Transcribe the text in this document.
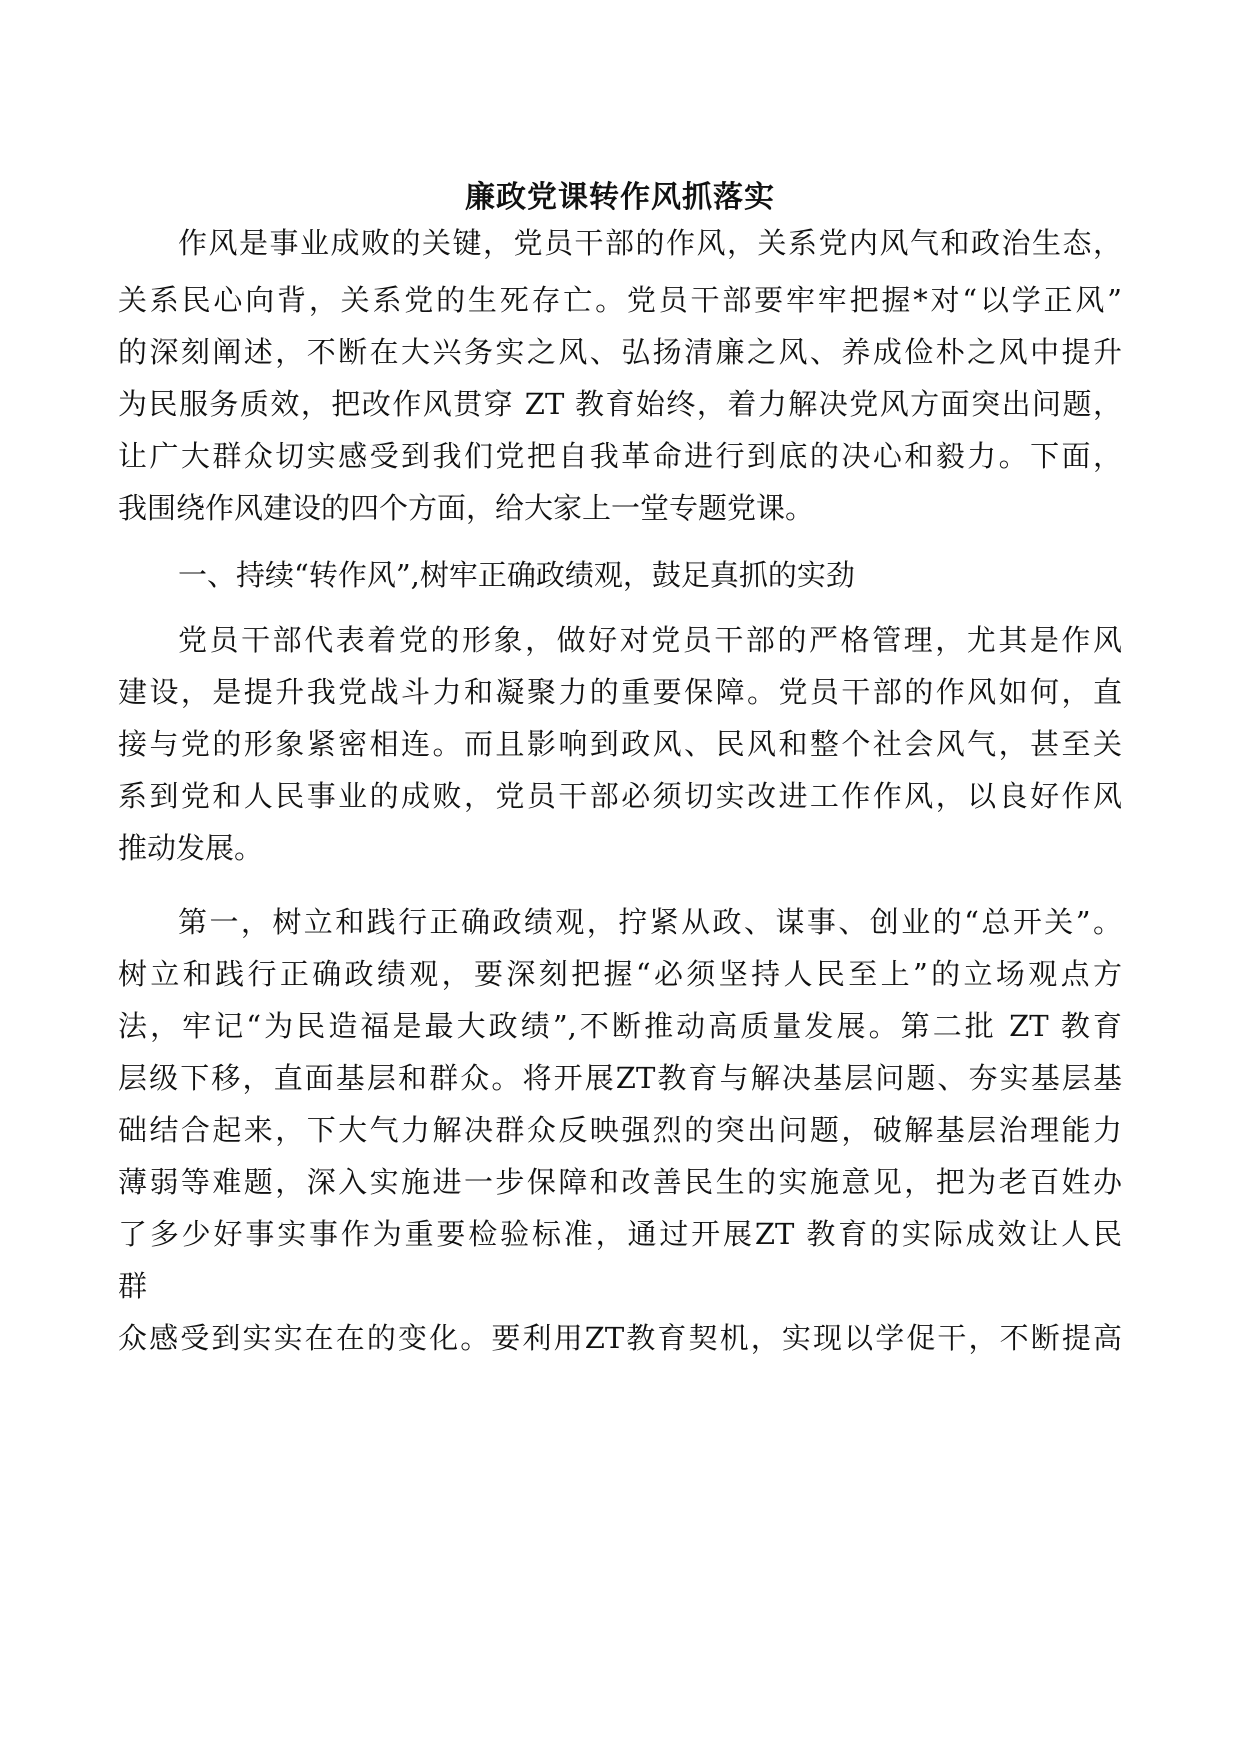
廉政党课转作风抓落实
作风是事业成败的关键，党员干部的作风，关系党内风气和政治生态，
关系民心向背，关系党的生死存亡。党员干部要牢牢把握*对“以学正风”
的深刻阐述，不断在大兴务实之风、弘扬清廉之风、养成俭朴之风中提升
为民服务质效，把改作风贯穿 ZT 教育始终，着力解决党风方面突出问题，
让广大群众切实感受到我们党把自我革命进行到底的决心和毅力。下面，
我围绕作风建设的四个方面，给大家上一堂专题党课。
一、持续“转作风”,树牢正确政绩观，鼓足真抓的实劲
党员干部代表着党的形象，做好对党员干部的严格管理，尤其是作风
建设，是提升我党战斗力和凝聚力的重要保障。党员干部的作风如何，直
接与党的形象紧密相连。而且影响到政风、民风和整个社会风气，甚至关
系到党和人民事业的成败，党员干部必须切实改进工作作风，以良好作风
推动发展。
第一，树立和践行正确政绩观，拧紧从政、谋事、创业的“总开关”。
树立和践行正确政绩观，要深刻把握“必须坚持人民至上”的立场观点方
法，牢记“为民造福是最大政绩”,不断推动高质量发展。第二批 ZT 教育
层级下移，直面基层和群众。将开展ZT教育与解决基层问题、夯实基层基
础结合起来，下大气力解决群众反映强烈的突出问题，破解基层治理能力
薄弱等难题，深入实施进一步保障和改善民生的实施意见，把为老百姓办
了多少好事实事作为重要检验标准，通过开展ZT 教育的实际成效让人民
群
众感受到实实在在的变化。要利用ZT教育契机，实现以学促干，不断提高
